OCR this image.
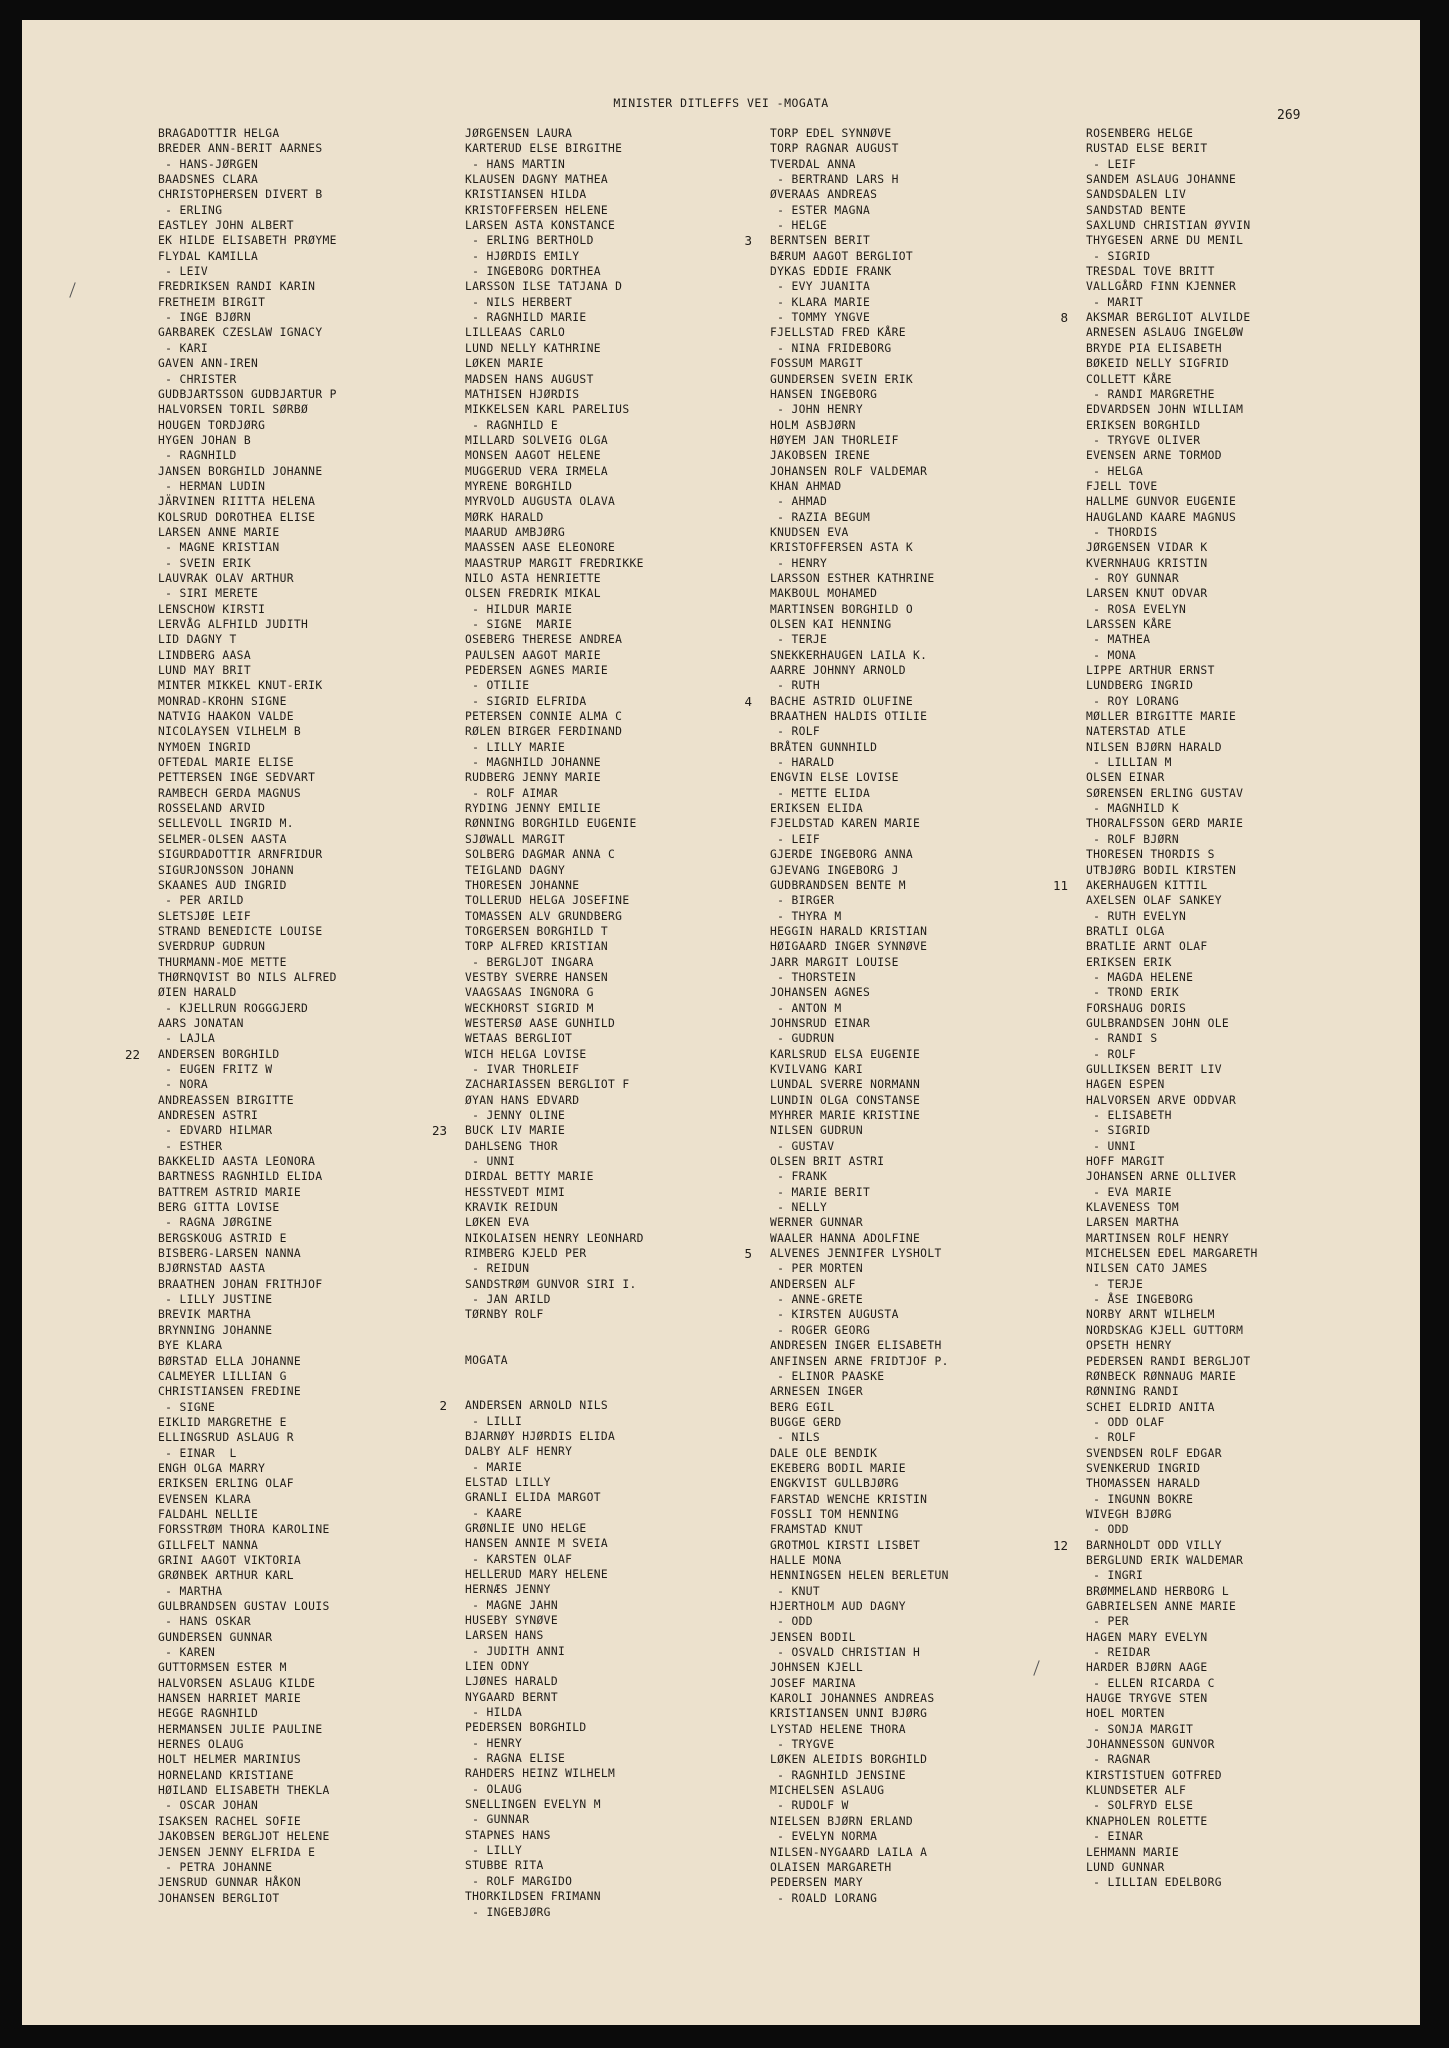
MINISTER DITLEFFS VEI -MOGATA
269
BRAGADOTTIR HELGA
BREDER ANN-BERIT AARNES
- HANS-JØRGEN
BAADSNES CLARA
CHRISTOPHERSEN DIVERT B
- ERLING
EASTLEY JOHN ALBERT
EK HILDE ELISABETH PRØYME
FLYDAL KAMILLA
- LEIV
FREDRIKSEN RANDI KARIN
FRETHEIM BIRGIT
- INGE BJØRN
GARBAREK CZESLAW IGNACY
- KARI
GAVEN ANN-IREN
- CHRISTER
GUDBJARTSSON GUDBJARTUR P
HALVORSEN TORIL SØRBØ
HOUGEN TORDJØRG
HYGEN JOHAN B
- RAGNHILD
JANSEN BORGHILD JOHANNE
- HERMAN LUDIN
JÄRVINEN RIITTA HELENA
KOLSRUD DOROTHEA ELISE
LARSEN ANNE MARIE
- MAGNE KRISTIAN
- SVEIN ERIK
LAUVRAK OLAV ARTHUR
- SIRI MERETE
LENSCHOW KIRSTI
LERVÅG ALFHILD JUDITH
LID DAGNY T
LINDBERG AASA
LUND MAY BRIT
MINTER MIKKEL KNUT-ERIK
MONRAD-KROHN SIGNE
NATVIG HAAKON VALDE
NICOLAYSEN VILHELM B
NYMOEN INGRID
OFTEDAL MARIE ELISE
PETTERSEN INGE SEDVART
RAMBECH GERDA MAGNUS
ROSSELAND ARVID
SELLEVOLL INGRID M.
SELMER-OLSEN AASTA
SIGURDADOTTIR ARNFRIDUR
SIGURJONSSON JOHANN
SKAANES AUD INGRID
- PER ARILD
SLETSJØE LEIF
STRAND BENEDICTE LOUISE
SVERDRUP GUDRUN
THURMANN-MOE METTE
THØRNQVIST BO NILS ALFRED
ØIEN HARALD
- KJELLRUN ROGGGJERD
AARS JONATAN
- LAJLA
22 ANDERSEN BORGHILD
- EUGEN FRITZ W
- NORA
ANDREASSEN BIRGITTE
ANDRESEN ASTRI
- EDVARD HILMAR
- ESTHER
BAKKELID AASTA LEONORA
BARTNESS RAGNHILD ELIDA
BATTREM ASTRID MARIE
BERG GITTA LOVISE
- RAGNA JØRGINE
BERGSKOUG ASTRID E
BISBERG-LARSEN NANNA
BJØRNSTAD AASTA
BRAATHEN JOHAN FRITHJOF
- LILLY JUSTINE
BREVIK MARTHA
BRYNNING JOHANNE
BYE KLARA
BØRSTAD ELLA JOHANNE
CALMEYER LILLIAN G
CHRISTIANSEN FREDINE
- SIGNE
EIKLID MARGRETHE E
ELLINGSRUD ASLAUG R
- EINAR  L
ENGH OLGA MARRY
ERIKSEN ERLING OLAF
EVENSEN KLARA
FALDAHL NELLIE
FORSSTRØM THORA KAROLINE
GILLFELT NANNA
GRINI AAGOT VIKTORIA
GRØNBEK ARTHUR KARL
- MARTHA
GULBRANDSEN GUSTAV LOUIS
- HANS OSKAR
GUNDERSEN GUNNAR
- KAREN
GUTTORMSEN ESTER M
HALVORSEN ASLAUG KILDE
HANSEN HARRIET MARIE
HEGGE RAGNHILD
HERMANSEN JULIE PAULINE
HERNES OLAUG
HOLT HELMER MARINIUS
HORNELAND KRISTIANE
HØILAND ELISABETH THEKLA
- OSCAR JOHAN
ISAKSEN RACHEL SOFIE
JAKOBSEN BERGLJOT HELENE
JENSEN JENNY ELFRIDA E
- PETRA JOHANNE
JENSRUD GUNNAR HÅKON
JOHANSEN BERGLIOT
JØRGENSEN LAURA
KARTERUD ELSE BIRGITHE
- HANS MARTIN
KLAUSEN DAGNY MATHEA
KRISTIANSEN HILDA
KRISTOFFERSEN HELENE
LARSEN ASTA KONSTANCE
- ERLING BERTHOLD
- HJØRDIS EMILY
- INGEBORG DORTHEA
LARSSON ILSE TATJANA D
- NILS HERBERT
- RAGNHILD MARIE
LILLEAAS CARLO
LUND NELLY KATHRINE
LØKEN MARIE
MADSEN HANS AUGUST
MATHISEN HJØRDIS
MIKKELSEN KARL PARELIUS
- RAGNHILD E
MILLARD SOLVEIG OLGA
MONSEN AAGOT HELENE
MUGGERUD VERA IRMELA
MYRENE BORGHILD
MYRVOLD AUGUSTA OLAVA
MØRK HARALD
MAARUD AMBJØRG
MAASSEN AASE ELEONORE
MAASTRUP MARGIT FREDRIKKE
NILO ASTA HENRIETTE
OLSEN FREDRIK MIKAL
- HILDUR MARIE
- SIGNE  MARIE
OSEBERG THERESE ANDREA
PAULSEN AAGOT MARIE
PEDERSEN AGNES MARIE
- OTILIE
- SIGRID ELFRIDA
PETERSEN CONNIE ALMA C
RØLEN BIRGER FERDINAND
- LILLY MARIE
- MAGNHILD JOHANNE
RUDBERG JENNY MARIE
- ROLF AIMAR
RYDING JENNY EMILIE
RØNNING BORGHILD EUGENIE
SJØWALL MARGIT
SOLBERG DAGMAR ANNA C
TEIGLAND DAGNY
THORESEN JOHANNE
TOLLERUD HELGA JOSEFINE
TOMASSEN ALV GRUNDBERG
TORGERSEN BORGHILD T
TORP ALFRED KRISTIAN
- BERGLJOT INGARA
VESTBY SVERRE HANSEN
VAAGSAAS INGNORA G
WECKHORST SIGRID M
WESTERSØ AASE GUNHILD
WETAAS BERGLIOT
WICH HELGA LOVISE
- IVAR THORLEIF
ZACHARIASSEN BERGLIOT F
ØYAN HANS EDVARD
- JENNY OLINE
23 BUCK LIV MARIE
DAHLSENG THOR
- UNNI
DIRDAL BETTY MARIE
HESSTVEDT MIMI
KRAVIK REIDUN
LØKEN EVA
NIKOLAISEN HENRY LEONHARD
RIMBERG KJELD PER
- REIDUN
SANDSTRØM GUNVOR SIRI I.
- JAN ARILD
TØRNBY ROLF
MOGATA
2 ANDERSEN ARNOLD NILS
- LILLI
BJARNØY HJØRDIS ELIDA
DALBY ALF HENRY
- MARIE
ELSTAD LILLY
GRANLI ELIDA MARGOT
- KAARE
GRØNLIE UNO HELGE
HANSEN ANNIE M SVEIA
- KARSTEN OLAF
HELLERUD MARY HELENE
HERNÆS JENNY
- MAGNE JAHN
HUSEBY SYNØVE
LARSEN HANS
- JUDITH ANNI
LIEN ODNY
LJØNES HARALD
NYGAARD BERNT
- HILDA
PEDERSEN BORGHILD
- HENRY
- RAGNA ELISE
RAHDERS HEINZ WILHELM
- OLAUG
SNELLINGEN EVELYN M
- GUNNAR
STAPNES HANS
- LILLY
STUBBE RITA
- ROLF MARGIDO
THORKILDSEN FRIMANN
- INGEBJØRG
TORP EDEL SYNNØVE
TORP RAGNAR AUGUST
TVERDAL ANNA
- BERTRAND LARS H
ØVERAAS ANDREAS
- ESTER MAGNA
- HELGE
3 BERNTSEN BERIT
BÆRUM AAGOT BERGLIOT
DYKAS EDDIE FRANK
- EVY JUANITA
- KLARA MARIE
- TOMMY YNGVE
FJELLSTAD FRED KÅRE
- NINA FRIDEBORG
FOSSUM MARGIT
GUNDERSEN SVEIN ERIK
HANSEN INGEBORG
- JOHN HENRY
HOLM ASBJØRN
HØYEM JAN THORLEIF
JAKOBSEN IRENE
JOHANSEN ROLF VALDEMAR
KHAN AHMAD
- AHMAD
- RAZIA BEGUM
KNUDSEN EVA
KRISTOFFERSEN ASTA K
- HENRY
LARSSON ESTHER KATHRINE
MAKBOUL MOHAMED
MARTINSEN BORGHILD O
OLSEN KAI HENNING
- TERJE
SNEKKERHAUGEN LAILA K.
AARRE JOHNNY ARNOLD
- RUTH
4 BACHE ASTRID OLUFINE
BRAATHEN HALDIS OTILIE
- ROLF
BRÅTEN GUNNHILD
- HARALD
ENGVIN ELSE LOVISE
- METTE ELIDA
ERIKSEN ELIDA
FJELDSTAD KAREN MARIE
- LEIF
GJERDE INGEBORG ANNA
GJEVANG INGEBORG J
GUDBRANDSEN BENTE M
- BIRGER
- THYRA M
HEGGIN HARALD KRISTIAN
HØIGAARD INGER SYNNØVE
JARR MARGIT LOUISE
- THORSTEIN
JOHANSEN AGNES
- ANTON M
JOHNSRUD EINAR
- GUDRUN
KARLSRUD ELSA EUGENIE
KVILVANG KARI
LUNDAL SVERRE NORMANN
LUNDIN OLGA CONSTANSE
MYHRER MARIE KRISTINE
NILSEN GUDRUN
- GUSTAV
OLSEN BRIT ASTRI
- FRANK
- MARIE BERIT
- NELLY
WERNER GUNNAR
WAALER HANNA ADOLFINE
5 ALVENES JENNIFER LYSHOLT
- PER MORTEN
ANDERSEN ALF
- ANNE-GRETE
- KIRSTEN AUGUSTA
- ROGER GEORG
ANDRESEN INGER ELISABETH
ANFINSEN ARNE FRIDTJOF P.
- ELINOR PAASKE
ARNESEN INGER
BERG EGIL
BUGGE GERD
- NILS
DALE OLE BENDIK
EKEBERG BODIL MARIE
ENGKVIST GULLBJØRG
FARSTAD WENCHE KRISTIN
FOSSLI TOM HENNING
FRAMSTAD KNUT
GROTMOL KIRSTI LISBET
HALLE MONA
HENNINGSEN HELEN BERLETUN
- KNUT
HJERTHOLM AUD DAGNY
- ODD
JENSEN BODIL
- OSVALD CHRISTIAN H
JOHNSEN KJELL
JOSEF MARINA
KAROLI JOHANNES ANDREAS
KRISTIANSEN UNNI BJØRG
LYSTAD HELENE THORA
- TRYGVE
LØKEN ALEIDIS BORGHILD
- RAGNHILD JENSINE
MICHELSEN ASLAUG
- RUDOLF W
NIELSEN BJØRN ERLAND
- EVELYN NORMA
NILSEN-NYGAARD LAILA A
OLAISEN MARGARETH
PEDERSEN MARY
- ROALD LORANG
ROSENBERG HELGE
RUSTAD ELSE BERIT
- LEIF
SANDEM ASLAUG JOHANNE
SANDSDALEN LIV
SANDSTAD BENTE
SAXLUND CHRISTIAN ØYVIN
THYGESEN ARNE DU MENIL
- SIGRID
TRESDAL TOVE BRITT
VALLGÅRD FINN KJENNER
- MARIT
8 AKSMAR BERGLIOT ALVILDE
ARNESEN ASLAUG INGELØW
BRYDE PIA ELISABETH
BØKEID NELLY SIGFRID
COLLETT KÅRE
- RANDI MARGRETHE
EDVARDSEN JOHN WILLIAM
ERIKSEN BORGHILD
- TRYGVE OLIVER
EVENSEN ARNE TORMOD
- HELGA
FJELL TOVE
HALLME GUNVOR EUGENIE
HAUGLAND KAARE MAGNUS
- THORDIS
JØRGENSEN VIDAR K
KVERNHAUG KRISTIN
- ROY GUNNAR
LARSEN KNUT ODVAR
- ROSA EVELYN
LARSSEN KÅRE
- MATHEA
- MONA
LIPPE ARTHUR ERNST
LUNDBERG INGRID
- ROY LORANG
MØLLER BIRGITTE MARIE
NATERSTAD ATLE
NILSEN BJØRN HARALD
- LILLIAN M
OLSEN EINAR
SØRENSEN ERLING GUSTAV
- MAGNHILD K
THORALFSSON GERD MARIE
- ROLF BJØRN
THORESEN THORDIS S
UTBJØRG BODIL KIRSTEN
11 AKERHAUGEN KITTIL
AXELSEN OLAF SANKEY
- RUTH EVELYN
BRATLI OLGA
BRATLIE ARNT OLAF
ERIKSEN ERIK
- MAGDA HELENE
- TROND ERIK
FORSHAUG DORIS
GULBRANDSEN JOHN OLE
- RANDI S
- ROLF
GULLIKSEN BERIT LIV
HAGEN ESPEN
HALVORSEN ARVE ODDVAR
- ELISABETH
- SIGRID
- UNNI
HOFF MARGIT
JOHANSEN ARNE OLLIVER
- EVA MARIE
KLAVENESS TOM
LARSEN MARTHA
MARTINSEN ROLF HENRY
MICHELSEN EDEL MARGARETH
NILSEN CATO JAMES
- TERJE
- ÅSE INGEBORG
NORBY ARNT WILHELM
NORDSKAG KJELL GUTTORM
OPSETH HENRY
PEDERSEN RANDI BERGLJOT
RØNBECK RØNNAUG MARIE
RØNNING RANDI
SCHEI ELDRID ANITA
- ODD OLAF
- ROLF
SVENDSEN ROLF EDGAR
SVENKERUD INGRID
THOMASSEN HARALD
- INGUNN BOKRE
WIVEGH BJØRG
- ODD
12 BARNHOLDT ODD VILLY
BERGLUND ERIK WALDEMAR
- INGRI
BRØMMELAND HERBORG L
GABRIELSEN ANNE MARIE
- PER
HAGEN MARY EVELYN
- REIDAR
HARDER BJØRN AAGE
- ELLEN RICARDA C
HAUGE TRYGVE STEN
HOEL MORTEN
- SONJA MARGIT
JOHANNESSON GUNVOR
- RAGNAR
KIRSTISTUEN GOTFRED
KLUNDSETER ALF
- SOLFRYD ELSE
KNAPHOLEN ROLETTE
- EINAR
LEHMANN MARIE
LUND GUNNAR
- LILLIAN EDELBORG
